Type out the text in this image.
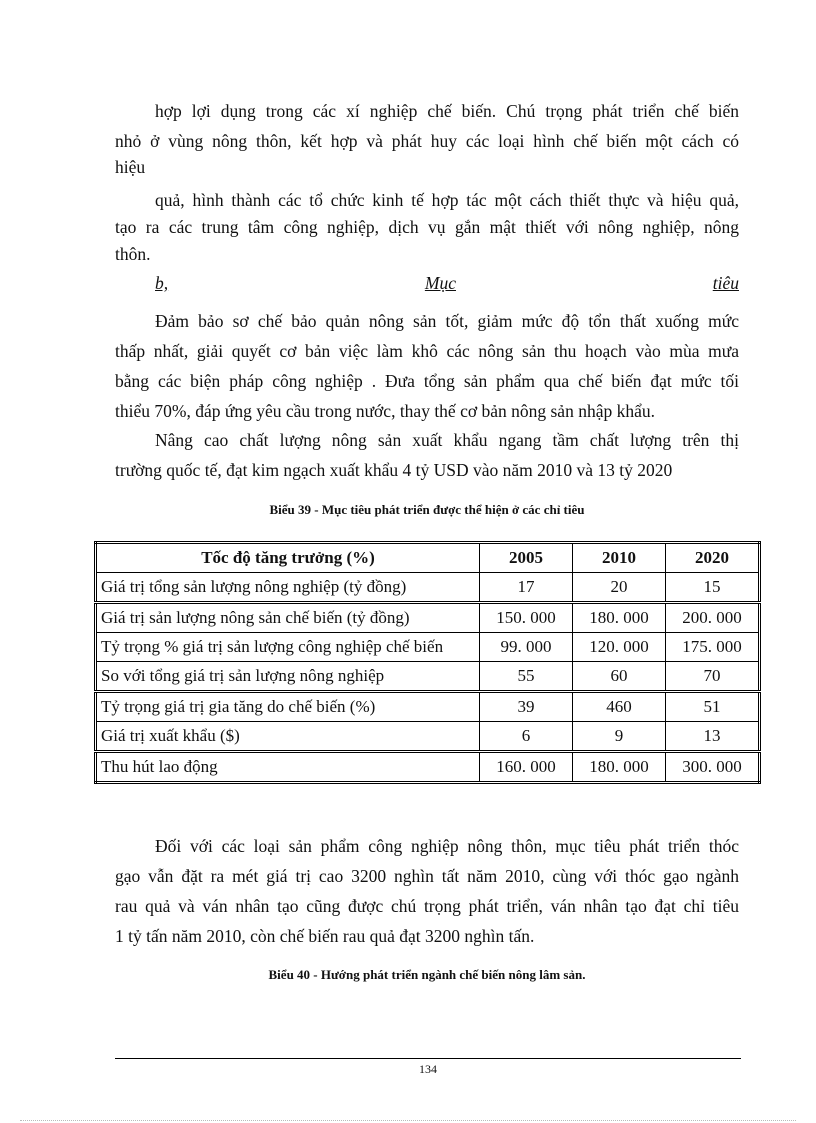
hợp lợi dụng trong các xí nghiệp chế biến. Chú trọng phát triển chế biến
nhỏ ở vùng nông thôn, kết hợp và phát huy các loại hình chế biến một cách có
hiệu

quả, hình thành các tổ chức kinh tế hợp tác một cách thiết thực và hiệu quả,
tạo ra các trung tâm công nghiệp, dịch vụ gắn mật thiết với nông nghiệp, nông
thôn.

b,	Mục	tiêu

Đảm bảo sơ chế bảo quản nông sản tốt, giảm mức độ tổn thất xuống mức
thấp nhất, giải quyết cơ bản việc làm khô các nông sản thu hoạch vào mùa mưa
bằng các biện pháp công nghiệp . Đưa tổng sản phẩm qua chế biến đạt mức tối
thiểu 70%, đáp ứng yêu cầu trong nước, thay thế cơ bản nông sản nhập khẩu.

Nâng cao chất lượng nông sản xuất khẩu ngang tầm chất lượng trên thị
trường quốc tế, đạt kim ngạch xuất khẩu 4 tỷ USD vào năm 2010 và 13 tỷ 2020

Biểu 39 - Mục tiêu phát triển được thể hiện ở các chỉ tiêu
Tốc độ tăng trưởng (%)	2005	2010	2020
Giá trị tổng sản lượng nông nghiệp (tỷ đồng)	17	20	15
Giá trị sản lượng nông sản chế biến (tỷ đồng)	150. 000	180. 000	200. 000
Tỷ trọng % giá trị sản lượng công nghiệp chế biến	99. 000	120. 000	175. 000
So với tổng giá trị sản lượng nông nghiệp	55	60	70
Tỷ trọng giá trị gia tăng do chế biến (%)	39	460	51
Giá trị xuất khẩu ($)	6	9	13
Thu hút lao động	160. 000	180. 000	300. 000

Đối với các loại sản phẩm công nghiệp nông thôn, mục tiêu phát triển thóc
gạo vẫn đặt ra mét giá trị cao 3200 nghìn tất năm 2010, cùng với thóc gạo ngành
rau quả và ván nhân tạo cũng được chú trọng phát triển, ván nhân tạo đạt chỉ tiêu
1 tỷ tấn năm 2010, còn chế biến rau quả đạt 3200 nghìn tấn.

Biểu 40 - Hướng phát triển ngành chế biến nông lâm sản.
134
